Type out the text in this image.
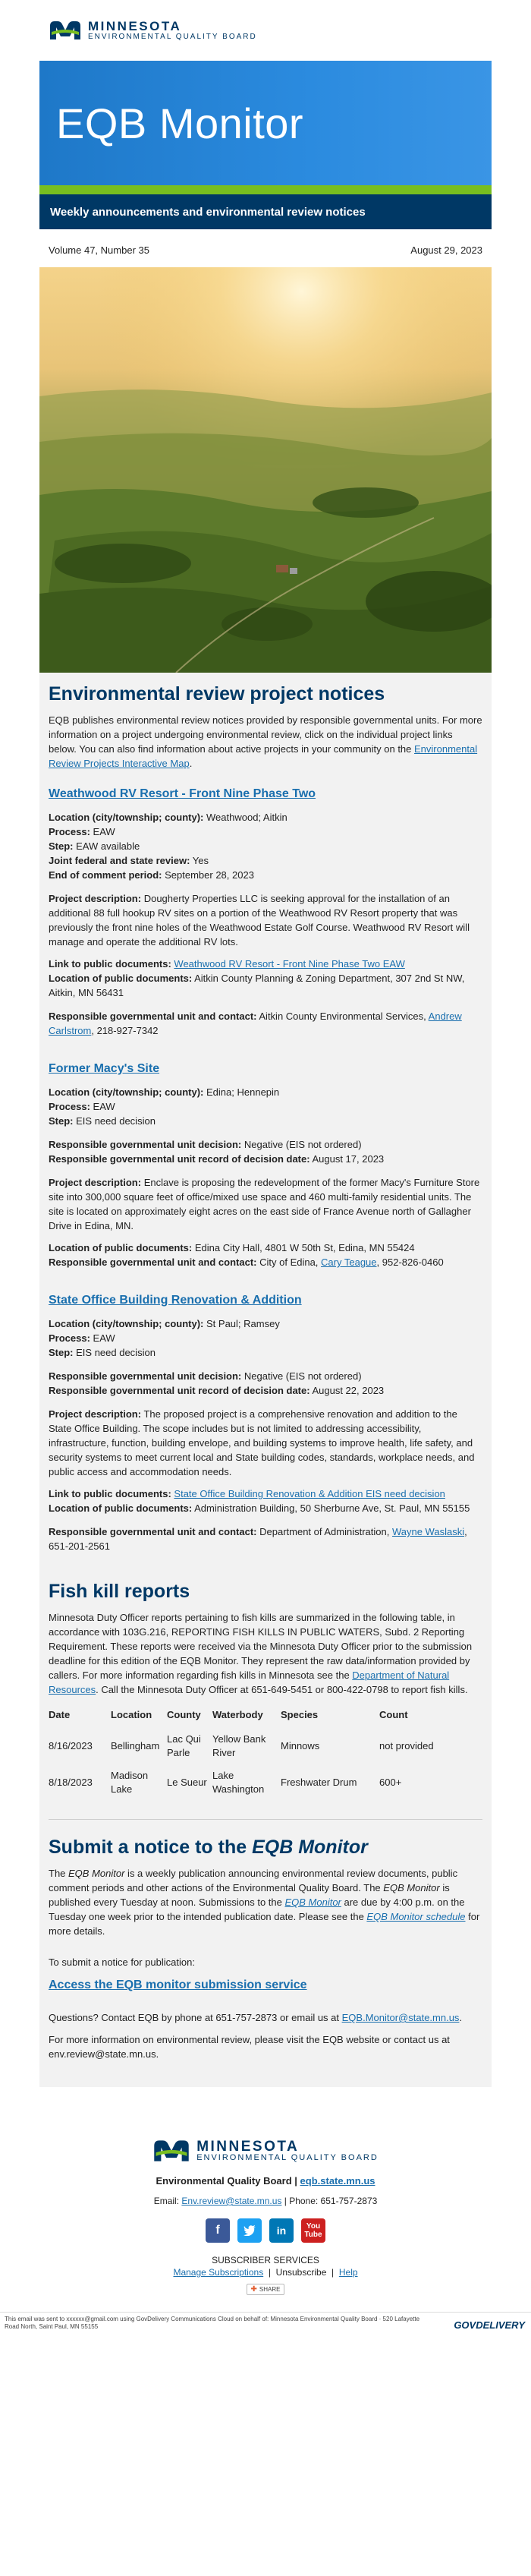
MINNESOTA
ENVIRONMENTAL QUALITY BOARD
EQB Monitor
Weekly announcements and environmental review notices
Volume 47, Number 35	August 29, 2023
Environmental review project notices

EQB publishes environmental review notices provided by responsible governmental units. For more information on a project undergoing environmental review, click on the individual project links below. You can also find information about active projects in your community on the Environmental Review Projects Interactive Map.

Weathwood RV Resort - Front Nine Phase Two
Location (city/township; county): Weathwood; Aitkin
Process: EAW
Step: EAW available
Joint federal and state review: Yes
End of comment period: September 28, 2023

Project description: Dougherty Properties LLC is seeking approval for the installation of an additional 88 full hookup RV sites on a portion of the Weathwood RV Resort property that was previously the front nine holes of the Weathwood Estate Golf Course. Weathwood RV Resort will manage and operate the additional RV lots.

Link to public documents: Weathwood RV Resort - Front Nine Phase Two EAW
Location of public documents: Aitkin County Planning & Zoning Department, 307 2nd St NW, Aitkin, MN 56431
Responsible governmental unit and contact: Aitkin County Environmental Services, Andrew Carlstrom, 218-927-7342
Former Macy's Site
Location (city/township; county): Edina; Hennepin
Process: EAW
Step: EIS need decision
Responsible governmental unit decision: Negative (EIS not ordered)
Responsible governmental unit record of decision date: August 17, 2023

Project description: Enclave is proposing the redevelopment of the former Macy's Furniture Store site into 300,000 square feet of office/mixed use space and 460 multi-family residential units. The site is located on approximately eight acres on the east side of France Avenue north of Gallagher Drive in Edina, MN.

Location of public documents: Edina City Hall, 4801 W 50th St, Edina, MN 55424
Responsible governmental unit and contact: City of Edina, Cary Teague, 952-826-0460
State Office Building Renovation & Addition
Location (city/township; county): St Paul; Ramsey
Process: EAW
Step: EIS need decision
Responsible governmental unit decision: Negative (EIS not ordered)
Responsible governmental unit record of decision date: August 22, 2023

Project description: The proposed project is a comprehensive renovation and addition to the State Office Building. The scope includes but is not limited to addressing accessibility, infrastructure, function, building envelope, and building systems to improve health, life safety, and security systems to meet current local and State building codes, standards, workplace needs, and public access and accommodation needs.

Link to public documents: State Office Building Renovation & Addition EIS need decision
Location of public documents: Administration Building, 50 Sherburne Ave, St. Paul, MN 55155
Responsible governmental unit and contact: Department of Administration, Wayne Waslaski, 651-201-2561
Fish kill reports

Minnesota Duty Officer reports pertaining to fish kills are summarized in the following table, in accordance with 103G.216, REPORTING FISH KILLS IN PUBLIC WATERS, Subd. 2 Reporting Requirement. These reports were received via the Minnesota Duty Officer prior to the submission deadline for this edition of the EQB Monitor. They represent the raw data/information provided by callers. For more information regarding fish kills in Minnesota see the Department of Natural Resources. Call the Minnesota Duty Officer at 651-649-5451 or 800-422-0798 to report fish kills.

Date	Location	County	Waterbody	Species	Count
8/16/2023	Bellingham	Lac Qui Parle	Yellow Bank River	Minnows	not provided
8/18/2023	Madison Lake	Le Sueur	Lake Washington	Freshwater Drum	600+
Submit a notice to the EQB Monitor

The EQB Monitor is a weekly publication announcing environmental review documents, public comment periods and other actions of the Environmental Quality Board. The EQB Monitor is published every Tuesday at noon. Submissions to the EQB Monitor are due by 4:00 p.m. on the Tuesday one week prior to the intended publication date. Please see the EQB Monitor schedule for more details.

To submit a notice for publication:

Access the EQB monitor submission service

Questions? Contact EQB by phone at 651-757-2873 or email us at EQB.Monitor@state.mn.us.

For more information on environmental review, please visit the EQB website or contact us at env.review@state.mn.us.

MINNESOTA
ENVIRONMENTAL QUALITY BOARD
Environmental Quality Board | eqb.state.mn.us
Email: Env.review@state.mn.us | Phone: 651-757-2873
f	in	You
Tube
SUBSCRIBER SERVICES
Manage Subscriptions  |  Unsubscribe  |  Help
✚ SHARE
This email was sent to xxxxxx@gmail.com using GovDelivery Communications Cloud on behalf of: Minnesota Environmental Quality Board · 520 Lafayette Road North, Saint Paul, MN 55155	GOVDELIVERY
